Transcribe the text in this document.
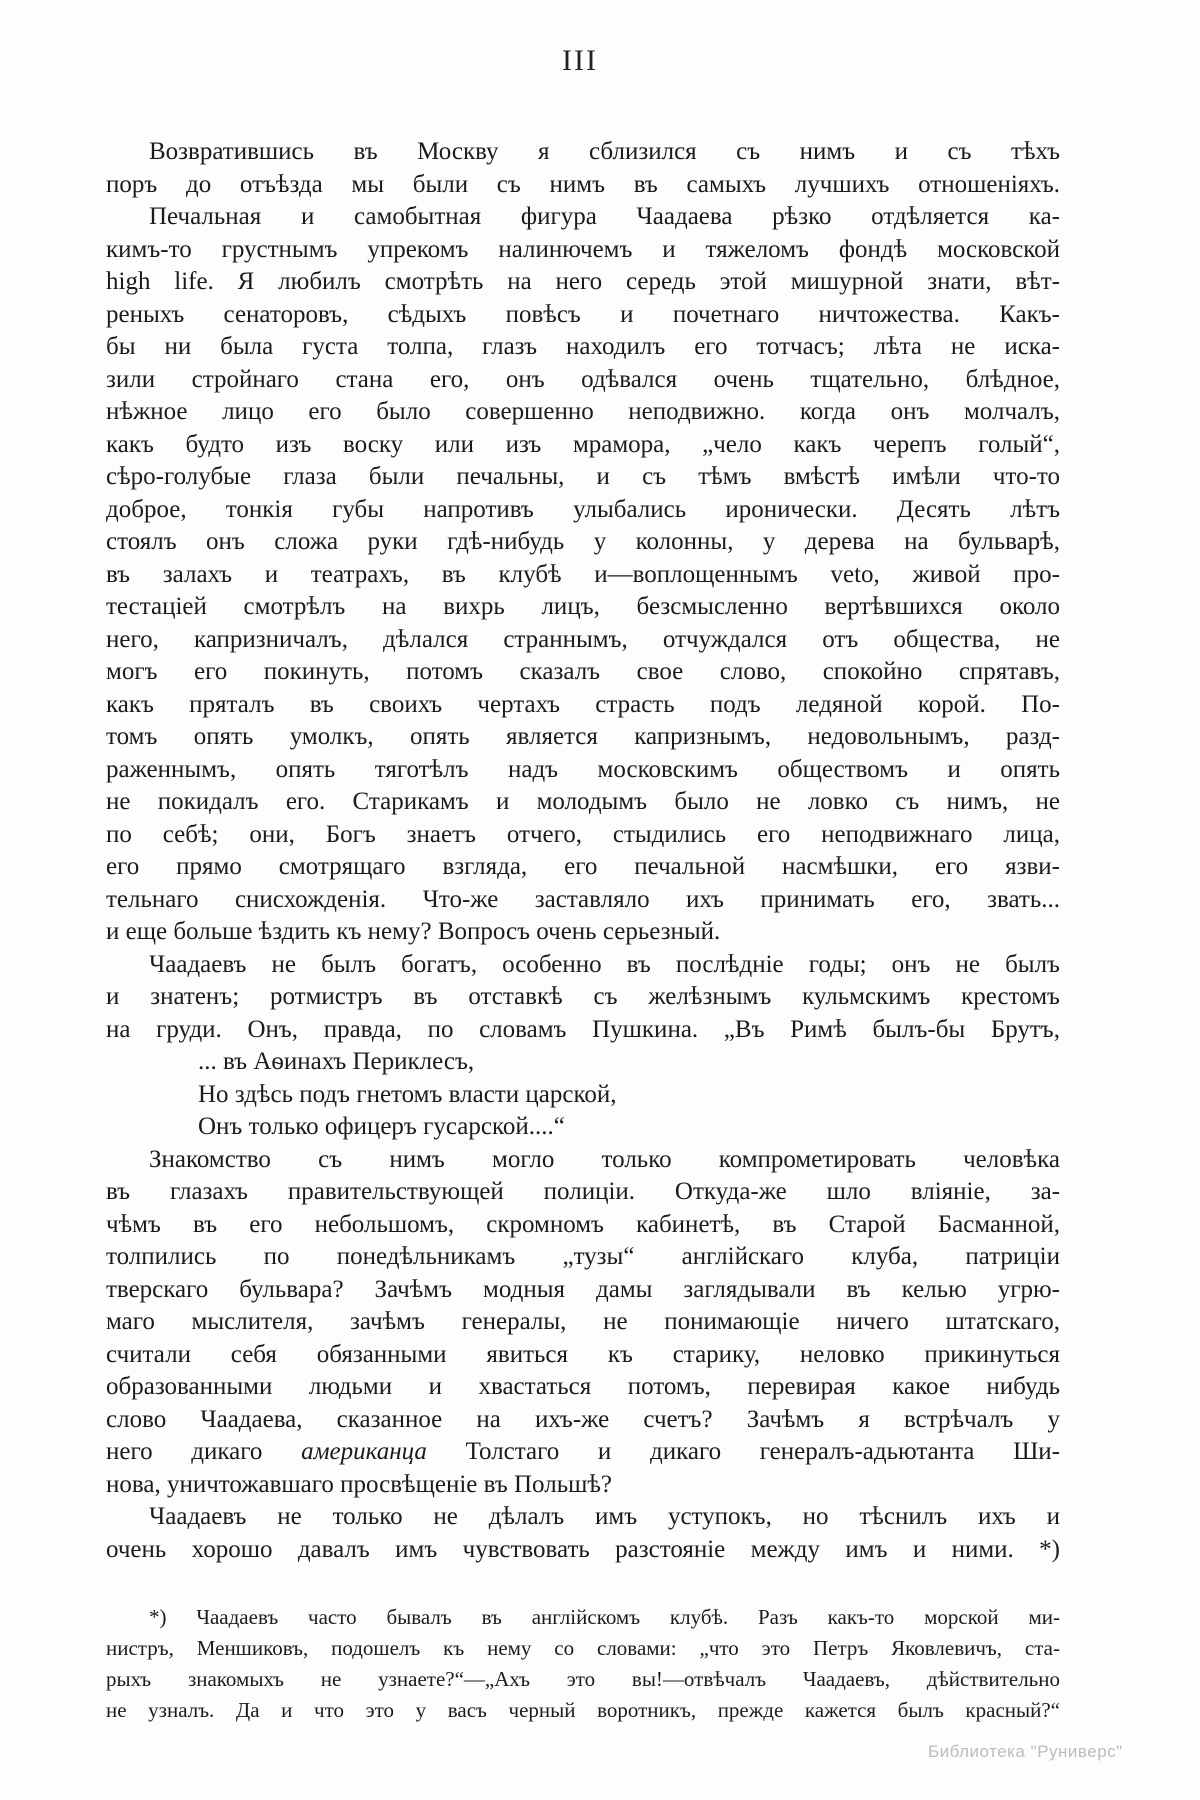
III
Возвратившись въ Москву я сблизился съ нимъ и съ тѣхъ
поръ до отъѣзда мы были съ нимъ въ самыхъ лучшихъ отношеніяхъ.
Печальная и самобытная фигура Чаадаева рѣзко отдѣляется ка-
кимъ-то грустнымъ упрекомъ налинючемъ и тяжеломъ фондѣ московской
high life. Я любилъ смотрѣть на него середь этой мишурной знати, вѣт-
реныхъ сенаторовъ, сѣдыхъ повѣсъ и почетнаго ничтожества. Какъ-
бы ни была густа толпа, глазъ находилъ его тотчасъ; лѣта не иска-
зили стройнаго стана его, онъ одѣвался очень тщательно, блѣдное,
нѣжное лицо его было совершенно неподвижно. когда онъ молчалъ,
какъ будто изъ воску или изъ мрамора, „чело какъ черепъ голый“,
сѣро-голубые глаза были печальны, и съ тѣмъ вмѣстѣ имѣли что-то
доброе, тонкія губы напротивъ улыбались иронически. Десять лѣтъ
стоялъ онъ сложа руки гдѣ-нибудь у колонны, у дерева на бульварѣ,
въ залахъ и театрахъ, въ клубѣ и—воплощеннымъ veto, живой про-
тестаціей смотрѣлъ на вихрь лицъ, безсмысленно вертѣвшихся около
него, капризничалъ, дѣлался страннымъ, отчуждался отъ общества, не
могъ его покинуть, потомъ сказалъ свое слово, спокойно спрятавъ,
какъ пряталъ въ своихъ чертахъ страсть подъ ледяной корой. По-
томъ опять умолкъ, опять является капризнымъ, недовольнымъ, разд-
раженнымъ, опять тяготѣлъ надъ московскимъ обществомъ и опять
не покидалъ его. Старикамъ и молодымъ было не ловко съ нимъ, не
по себѣ; они, Богъ знаетъ отчего, стыдились его неподвижнаго лица,
его прямо смотрящаго взгляда, его печальной насмѣшки, его язви-
тельнаго снисхожденія. Что-же заставляло ихъ принимать его, звать...
и еще больше ѣздить къ нему? Вопросъ очень серьезный.
Чаадаевъ не былъ богатъ, особенно въ послѣдніе годы; онъ не былъ
и знатенъ; ротмистръ въ отставкѣ съ желѣзнымъ кульмскимъ крестомъ
на груди. Онъ, правда, по словамъ Пушкина. „Въ Римѣ былъ-бы Брутъ,
... въ Аѳинахъ Периклесъ,
Но здѣсь подъ гнетомъ власти царской,
Онъ только офицеръ гусарской....“
Знакомство съ нимъ могло только компрометировать человѣка
въ глазахъ правительствующей полиціи. Откуда-же шло вліяніе, за-
чѣмъ въ его небольшомъ, скромномъ кабинетѣ, въ Старой Басманной,
толпились по понедѣльникамъ „тузы“ англійскаго клуба, патриціи
тверскаго бульвара? Зачѣмъ модныя дамы заглядывали въ келью угрю-
маго мыслителя, зачѣмъ генералы, не понимающіе ничего штатскаго,
считали себя обязанными явиться къ старику, неловко прикинуться
образованными людьми и хвастаться потомъ, перевирая какое нибудь
слово Чаадаева, сказанное на ихъ-же счетъ? Зачѣмъ я встрѣчалъ у
него дикаго американца Толстаго и дикаго генералъ-адьютанта Ши-
нова, уничтожавшаго просвѣщеніе въ Польшѣ?
Чаадаевъ не только не дѣлалъ имъ уступокъ, но тѣснилъ ихъ и
очень хорошо давалъ имъ чувствовать разстояніе между имъ и ними. *)
*) Чаадаевъ часто бывалъ въ англійскомъ клубѣ. Разъ какъ-то морской ми-
нистръ, Меншиковъ, подошелъ къ нему со словами: „что это Петръ Яковлевичъ, ста-
рыхъ знакомыхъ не узнаете?“—„Ахъ это вы!—отвѣчалъ Чаадаевъ, дѣйствительно
не узналъ. Да и что это у васъ черный воротникъ, прежде кажется былъ красный?“
Библиотека "Руниверс"
